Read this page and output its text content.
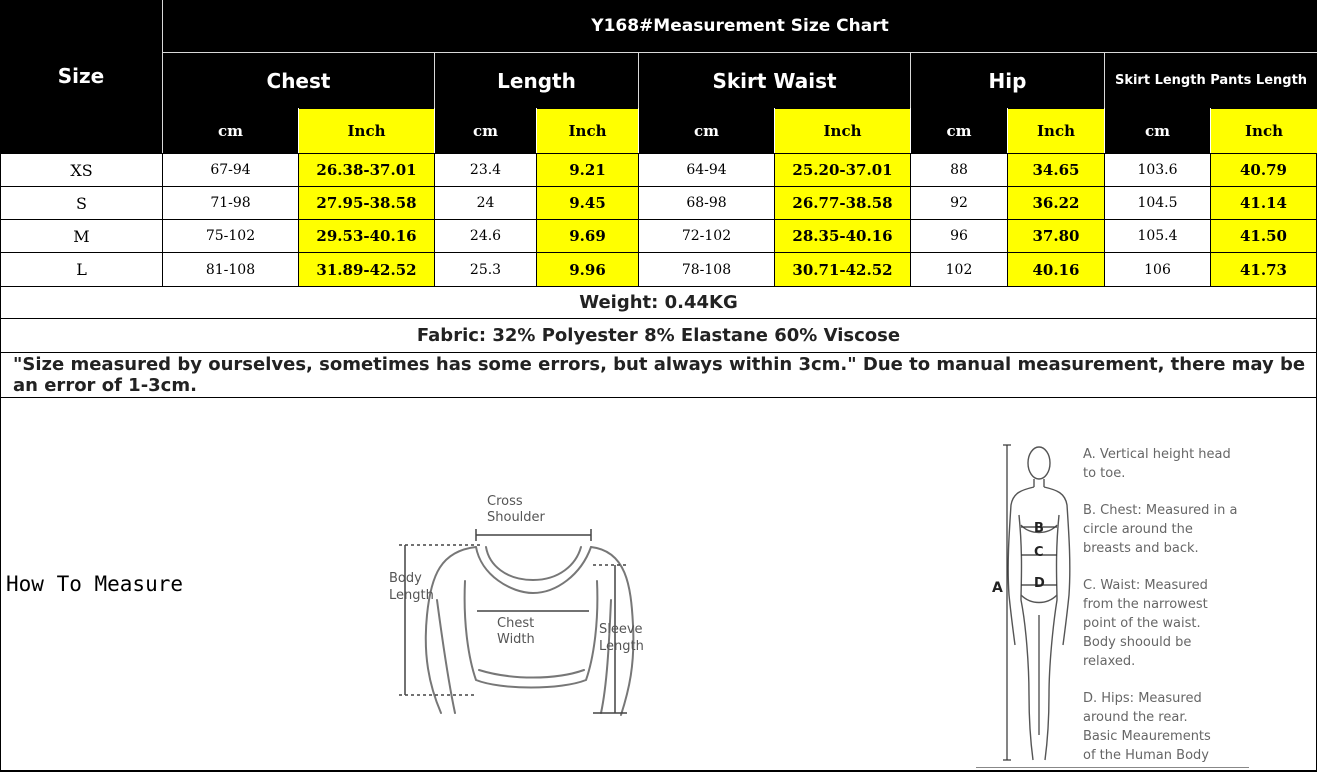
Size
Y168#Measurement Size Chart
Chest	Length	Skirt Waist	Hip	Skirt Length Pants Length
cm	Inch	cm	Inch	cm	Inch	cm	Inch	cm	Inch
XS	67-94	26.38-37.01	23.4	9.21	64-94	25.20-37.01	88	34.65	103.6	40.79
S	71-98	27.95-38.58	24	9.45	68-98	26.77-38.58	92	36.22	104.5	41.14
M	75-102	29.53-40.16	24.6	9.69	72-102	28.35-40.16	96	37.80	105.4	41.50
L	81-108	31.89-42.52	25.3	9.96	78-108	30.71-42.52	102	40.16	106	41.73
Weight: 0.44KG
Fabric: 32% Polyester 8% Elastane 60% Viscose
"Size measured by ourselves, sometimes has some errors, but always within 3cm." Due to manual measurement, there may be an error of 1-3cm.
How To Measure
Cross
Shoulder
Body
Length
Chest
Width
Sleeve
Length
A
B
C
D
A. Vertical height head
to toe.
B. Chest: Measured in a
circle around the
breasts and back.
C. Waist: Measured
from the narrowest
point of the waist.
Body shoould be
relaxed.
D. Hips: Measured
around the rear.
Basic Meaurements
of the Human Body
